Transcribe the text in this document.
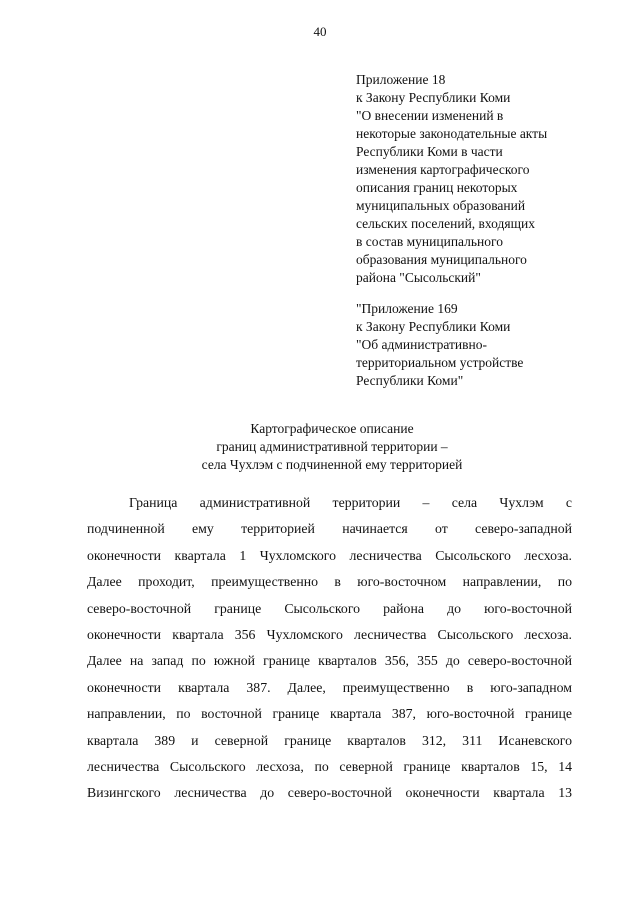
40
Приложение 18
к Закону Республики Коми
"О внесении изменений в
некоторые законодательные акты
Республики Коми в части
изменения картографического
описания границ некоторых
муниципальных образований
сельских поселений, входящих
в состав муниципального
образования муниципального
района "Сысольский"
"Приложение 169
к Закону Республики Коми
"Об административно-
территориальном устройстве
Республики Коми"
Картографическое описание
границ административной территории –
села Чухлэм с подчиненной ему территорией
Граница административной территории – села Чухлэм с
подчиненной ему территорией начинается от северо-западной
оконечности квартала 1 Чухломского лесничества Сысольского лесхоза.
Далее проходит, преимущественно в юго-восточном направлении, по
северо-восточной границе Сысольского района до юго-восточной
оконечности квартала 356 Чухломского лесничества Сысольского лесхоза.
Далее на запад по южной границе кварталов 356, 355 до северо-восточной
оконечности квартала 387. Далее, преимущественно в юго-западном
направлении, по восточной границе квартала 387, юго-восточной границе
квартала 389 и северной границе кварталов 312, 311 Исаневского
лесничества Сысольского лесхоза, по северной границе кварталов 15, 14
Визингского лесничества до северо-восточной оконечности квартала 13
